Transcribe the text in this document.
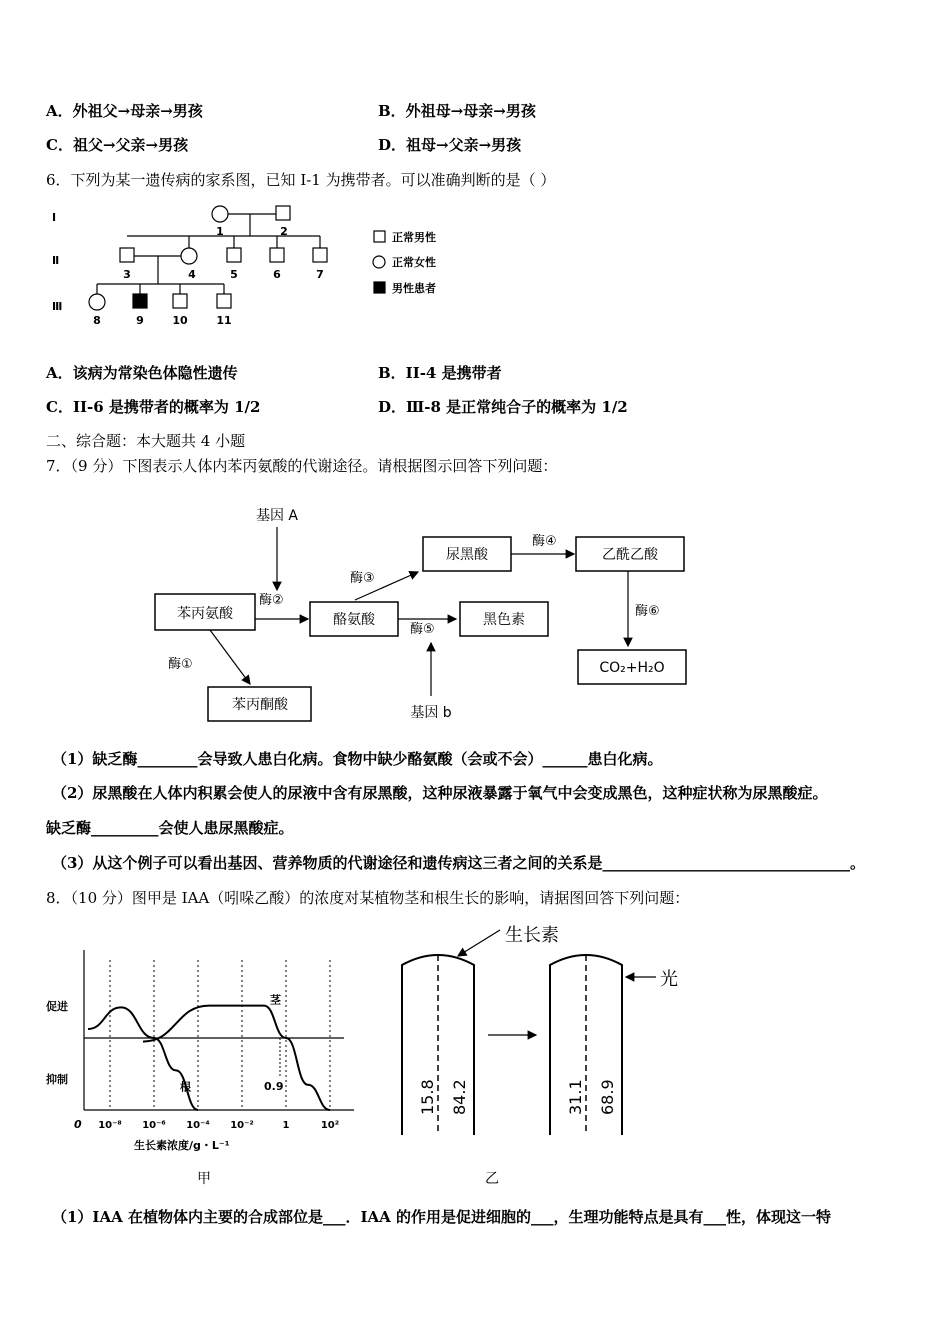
A．外祖父→母亲→男孩	B．外祖母→母亲→男孩
C．祖父→父亲→男孩	D．祖母→父亲→男孩
6．下列为某一遗传病的家系图，已知 I-1 为携带者。可以准确判断的是（ ）
Ⅰ
Ⅱ
Ⅲ
1	2
3	4	5	6	7
8	9	10	11
正常男性
正常女性
男性患者
A．该病为常染色体隐性遗传	B．II-4 是携带者
C．II-6 是携带者的概率为 1/2	D．Ⅲ-8 是正常纯合子的概率为 1/2
二、综合题：本大题共 4 小题
7．（9 分）下图表示人体内苯丙氨酸的代谢途径。请根据图示回答下列问题：
苯丙氨酸	酪氨酸
尿黑酸	乙酰乙酸
黑色素
CO₂+H₂O
苯丙酮酸
基因 A
基因 b
酶②
酶③
酶④
酶⑥
酶⑤
酶①
（1）缺乏酶________会导致人患白化病。食物中缺少酪氨酸（会或不会）______患白化病。
（2）尿黑酸在人体内积累会使人的尿液中含有尿黑酸，这种尿液暴露于氧气中会变成黑色，这种症状称为尿黑酸症。
缺乏酶_________会使人患尿黑酸症。
（3）从这个例子可以看出基因、营养物质的代谢途径和遗传病这三者之间的关系是_________________________________。
8．（10 分）图甲是 IAA（吲哚乙酸）的浓度对某植物茎和根生长的影响，请据图回答下列问题：
促进
抑制
0 10⁻⁸ 10⁻⁶ 10⁻⁴ 10⁻²	1	10²
根
茎
0.9
生长素浓度/g・L⁻¹
甲
生长素
光
15.8 84.2	31.1 68.9
乙
（1）IAA 在植物体内主要的合成部位是___．IAA 的作用是促进细胞的___，生理功能特点是具有___性，体现这一特
